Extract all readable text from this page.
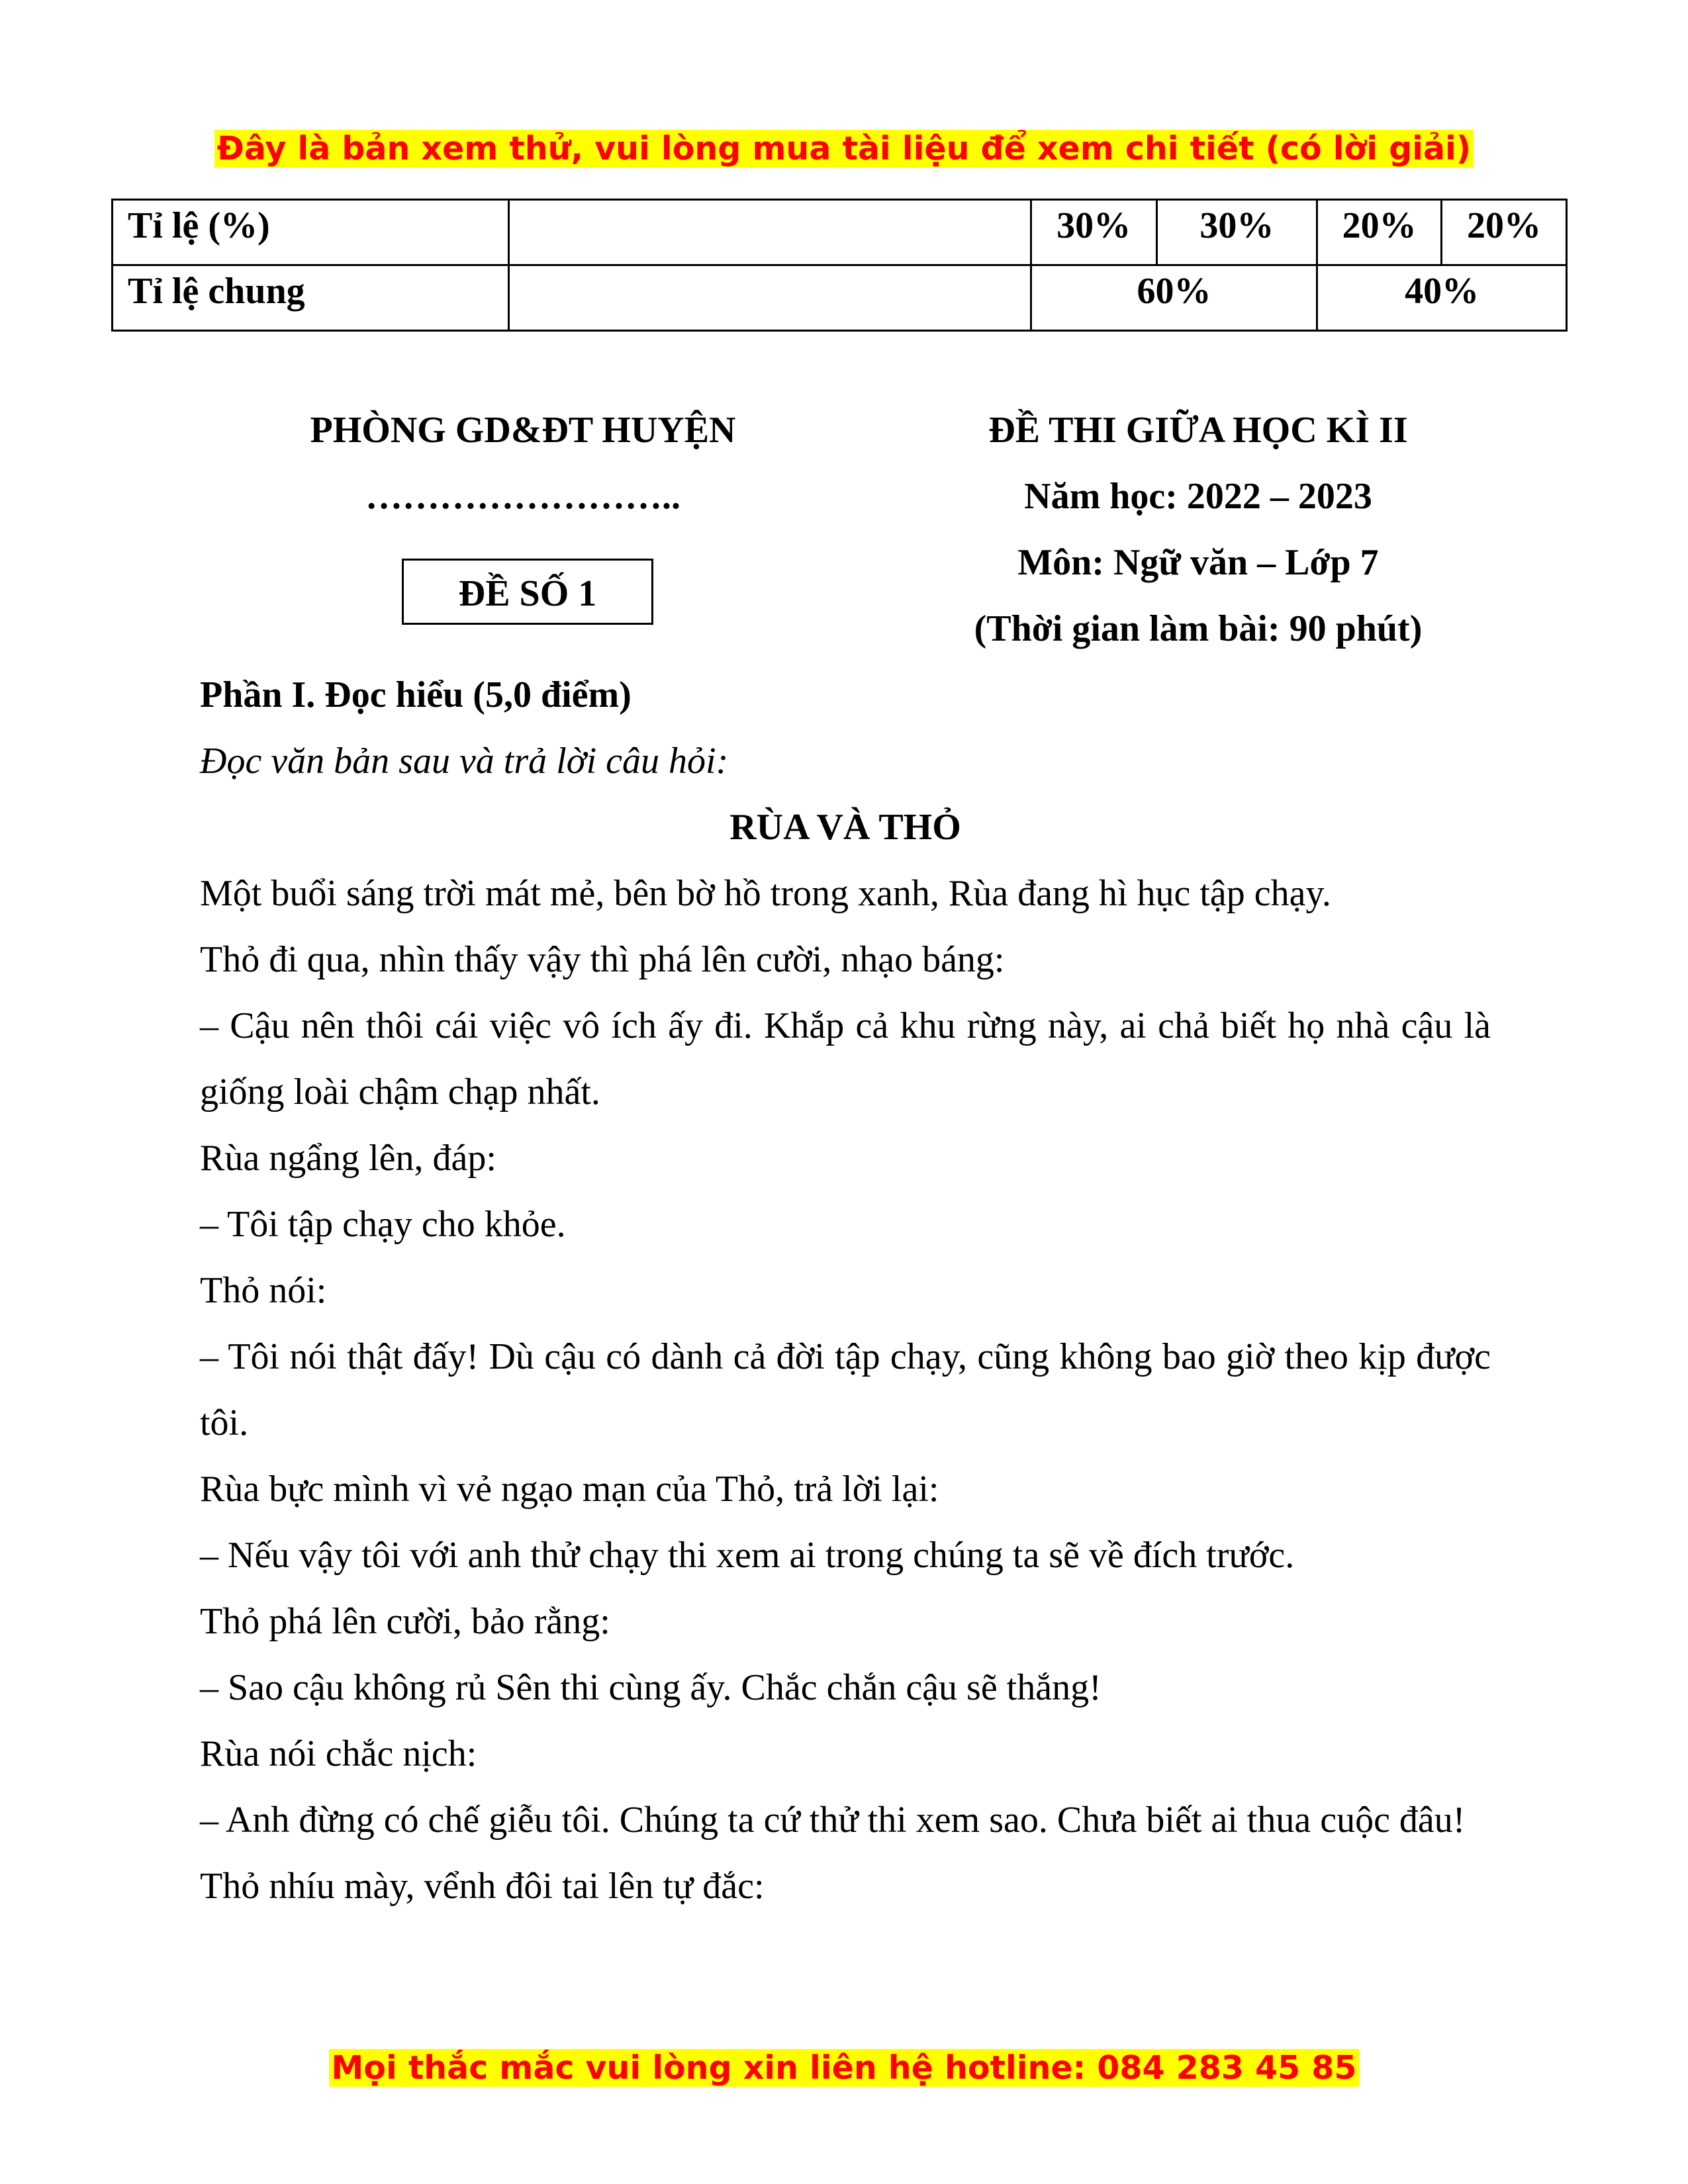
Đây là bản xem thử, vui lòng mua tài liệu để xem chi tiết (có lời giải)
Tỉ lệ (%)		30%	30%	20%	20%
Tỉ lệ chung		60%		40%	
PHÒNG GD&ĐT HUYỆN
……………………..
ĐỀ SỐ 1
ĐỀ THI GIỮA HỌC KÌ II
Năm học: 2022 – 2023
Môn: Ngữ văn – Lớp 7
(Thời gian làm bài: 90 phút)
Phần I. Đọc hiểu (5,0 điểm)
Đọc văn bản sau và trả lời câu hỏi:
RÙA VÀ THỎ
Một buổi sáng trời mát mẻ, bên bờ hồ trong xanh, Rùa đang hì hục tập chạy.
Thỏ đi qua, nhìn thấy vậy thì phá lên cười, nhạo báng:
– Cậu nên thôi cái việc vô ích ấy đi. Khắp cả khu rừng này, ai chả biết họ nhà cậu là giống loài chậm chạp nhất.
Rùa ngẩng lên, đáp:
– Tôi tập chạy cho khỏe.
Thỏ nói:
– Tôi nói thật đấy! Dù cậu có dành cả đời tập chạy, cũng không bao giờ theo kịp được tôi.
Rùa bực mình vì vẻ ngạo mạn của Thỏ, trả lời lại:
– Nếu vậy tôi với anh thử chạy thi xem ai trong chúng ta sẽ về đích trước.
Thỏ phá lên cười, bảo rằng:
– Sao cậu không rủ Sên thi cùng ấy. Chắc chắn cậu sẽ thắng!
Rùa nói chắc nịch:
– Anh đừng có chế giễu tôi. Chúng ta cứ thử thi xem sao. Chưa biết ai thua cuộc đâu!
Thỏ nhíu mày, vểnh đôi tai lên tự đắc:
Mọi thắc mắc vui lòng xin liên hệ hotline: 084 283 45 85
